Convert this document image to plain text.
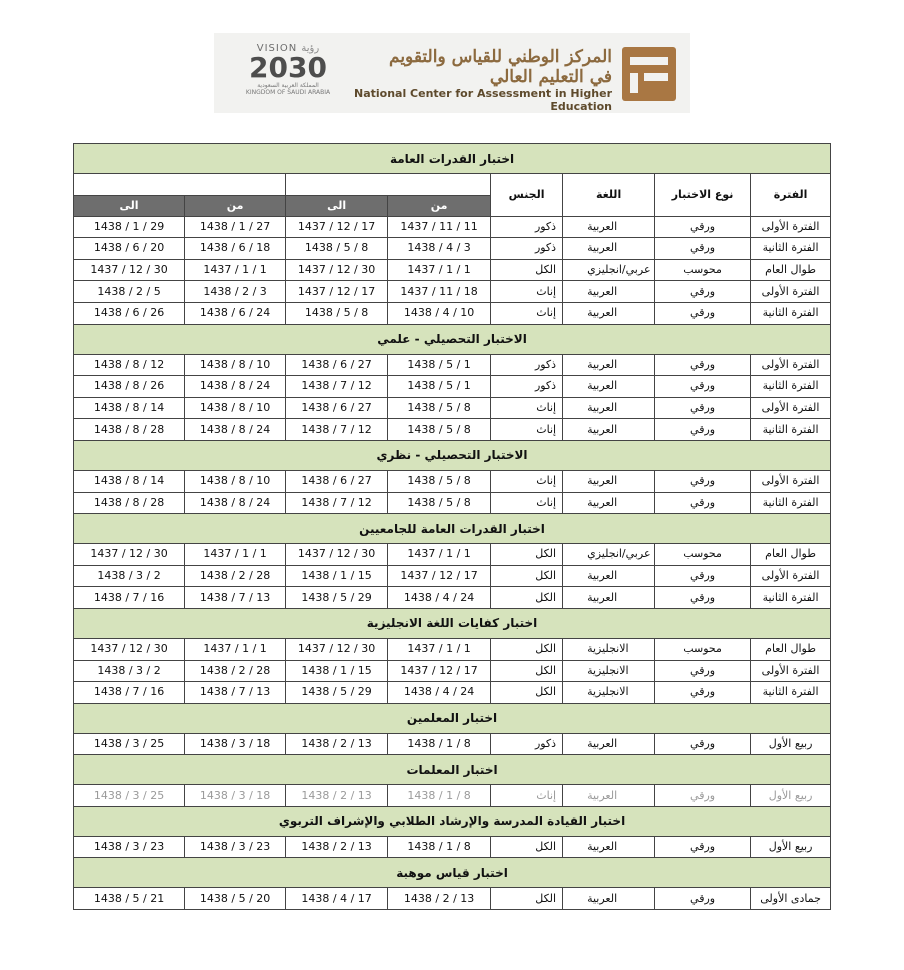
VISION رؤية
2030
المملكة العربية السعودية
KINGDOM OF SAUDI ARABIA
المركز الوطني للقياس والتقويم في التعليم العالي
National Center for Assessment in Higher Education
اختبار القدرات العامة							
الفترة	نوع الاختبار	اللغة	الجنس	فترة التسجيل المبكر		فترة الاختبار	
				من	الى	من	الى
الفترة الأولى	ورقي	العربية	ذكور	1437 / 11 / 11	1437 / 12 / 17	1438 / 1 / 27	1438 / 1 / 29
الفترة الثانية	ورقي	العربية	ذكور	1438 / 4 / 3	1438 / 5 / 8	1438 / 6 / 18	1438 / 6 / 20
طوال العام	محوسب	عربي/انجليزي	الكل	1437 / 1 / 1	1437 / 12 / 30	1437 / 1 / 1	1437 / 12 / 30
الفترة الأولى	ورقي	العربية	إناث	1437 / 11 / 18	1437 / 12 / 17	1438 / 2 / 3	1438 / 2 / 5
الفترة الثانية	ورقي	العربية	إناث	1438 / 4 / 10	1438 / 5 / 8	1438 / 6 / 24	1438 / 6 / 26
الاختبار التحصيلي - علمي							
الفترة الأولى	ورقي	العربية	ذكور	1438 / 5 / 1	1438 / 6 / 27	1438 / 8 / 10	1438 / 8 / 12
الفترة الثانية	ورقي	العربية	ذكور	1438 / 5 / 1	1438 / 7 / 12	1438 / 8 / 24	1438 / 8 / 26
الفترة الأولى	ورقي	العربية	إناث	1438 / 5 / 8	1438 / 6 / 27	1438 / 8 / 10	1438 / 8 / 14
الفترة الثانية	ورقي	العربية	إناث	1438 / 5 / 8	1438 / 7 / 12	1438 / 8 / 24	1438 / 8 / 28
الاختبار التحصيلي - نظري							
الفترة الأولى	ورقي	العربية	إناث	1438 / 5 / 8	1438 / 6 / 27	1438 / 8 / 10	1438 / 8 / 14
الفترة الثانية	ورقي	العربية	إناث	1438 / 5 / 8	1438 / 7 / 12	1438 / 8 / 24	1438 / 8 / 28
اختبار القدرات العامة للجامعيين							
طوال العام	محوسب	عربي/انجليزي	الكل	1437 / 1 / 1	1437 / 12 / 30	1437 / 1 / 1	1437 / 12 / 30
الفترة الأولى	ورقي	العربية	الكل	1437 / 12 / 17	1438 / 1 / 15	1438 / 2 / 28	1438 / 3 / 2
الفترة الثانية	ورقي	العربية	الكل	1438 / 4 / 24	1438 / 5 / 29	1438 / 7 / 13	1438 / 7 / 16
اختبار كفايات اللغة الانجليزية							
طوال العام	محوسب	الانجليزية	الكل	1437 / 1 / 1	1437 / 12 / 30	1437 / 1 / 1	1437 / 12 / 30
الفترة الأولى	ورقي	الانجليزية	الكل	1437 / 12 / 17	1438 / 1 / 15	1438 / 2 / 28	1438 / 3 / 2
الفترة الثانية	ورقي	الانجليزية	الكل	1438 / 4 / 24	1438 / 5 / 29	1438 / 7 / 13	1438 / 7 / 16
اختبار المعلمين							
ربيع الأول	ورقي	العربية	ذكور	1438 / 1 / 8	1438 / 2 / 13	1438 / 3 / 18	1438 / 3 / 25
اختبار المعلمات							
ربيع الأول	ورقي	العربية	إناث	1438 / 1 / 8	1438 / 2 / 13	1438 / 3 / 18	1438 / 3 / 25
اختبار القيادة المدرسة والإرشاد الطلابي والإشراف التربوي							
ربيع الأول	ورقي	العربية	الكل	1438 / 1 / 8	1438 / 2 / 13	1438 / 3 / 23	1438 / 3 / 23
اختبار قياس موهبة							
جمادى الأولى	ورقي	العربية	الكل	1438 / 2 / 13	1438 / 4 / 17	1438 / 5 / 20	1438 / 5 / 21
